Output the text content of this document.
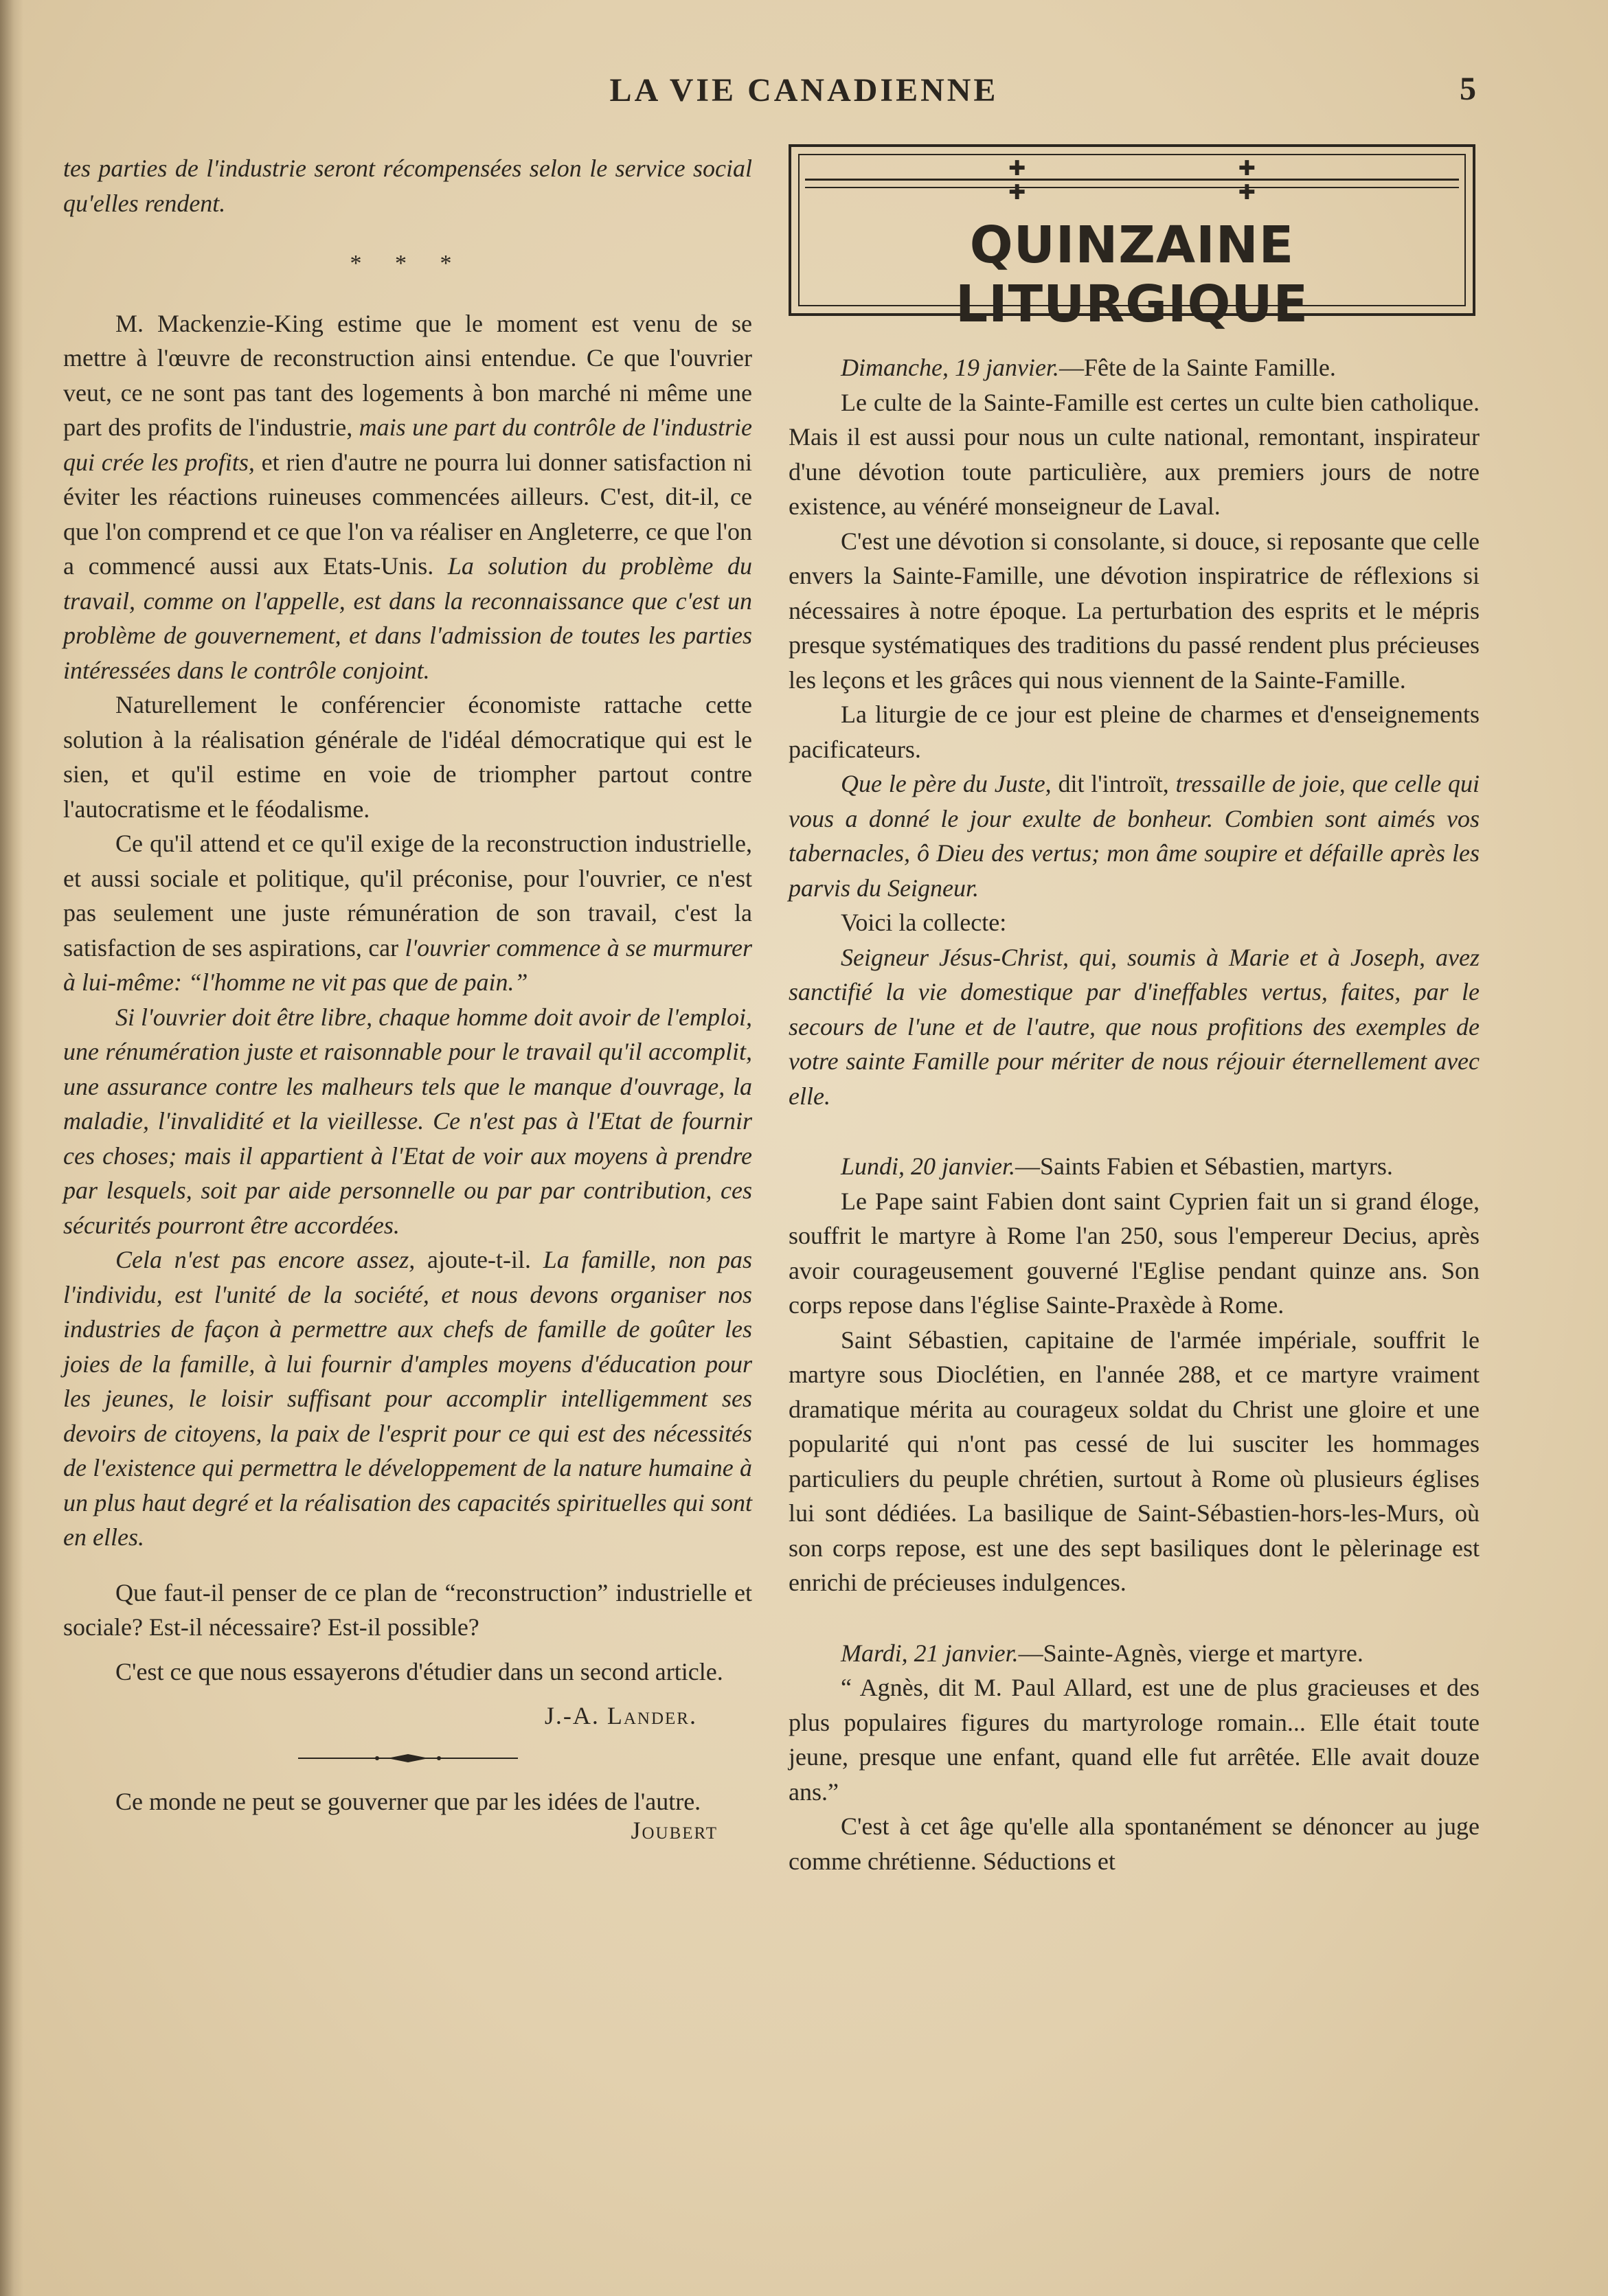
LA VIE CANADIENNE	5

tes parties de l'industrie seront récompensées selon le service social qu'elles rendent.

* * *

M. Mackenzie-King estime que le moment est venu de se mettre à l'œuvre de reconstruction ainsi entendue. Ce que l'ouvrier veut, ce ne sont pas tant des logements à bon marché ni même une part des profits de l'industrie, mais une part du contrôle de l'industrie qui crée les profits, et rien d'autre ne pourra lui donner satisfaction ni éviter les réactions ruineuses commencées ailleurs. C'est, dit-il, ce que l'on comprend et ce que l'on va réaliser en Angleterre, ce que l'on a commencé aussi aux Etats-Unis. La solution du problème du travail, comme on l'appelle, est dans la reconnaissance que c'est un problème de gouvernement, et dans l'admission de toutes les parties intéressées dans le contrôle conjoint.

Naturellement le conférencier économiste rattache cette solution à la réalisation générale de l'idéal démocratique qui est le sien, et qu'il estime en voie de triompher partout contre l'autocratisme et le féodalisme.

Ce qu'il attend et ce qu'il exige de la reconstruction industrielle, et aussi sociale et politique, qu'il préconise, pour l'ouvrier, ce n'est pas seulement une juste rémunération de son travail, c'est la satisfaction de ses aspirations, car l'ouvrier commence à se murmurer à lui-même: “l'homme ne vit pas que de pain.”

Si l'ouvrier doit être libre, chaque homme doit avoir de l'emploi, une rénumération juste et raisonnable pour le travail qu'il accomplit, une assurance contre les malheurs tels que le manque d'ouvrage, la maladie, l'invalidité et la vieillesse. Ce n'est pas à l'Etat de fournir ces choses; mais il appartient à l'Etat de voir aux moyens à prendre par lesquels, soit par aide personnelle ou par par contribution, ces sécurités pourront être accordées.

Cela n'est pas encore assez, ajoute-t-il. La famille, non pas l'individu, est l'unité de la société, et nous devons organiser nos industries de façon à permettre aux chefs de famille de goûter les joies de la famille, à lui fournir d'amples moyens d'éducation pour les jeunes, le loisir suffisant pour accomplir intelligemment ses devoirs de citoyens, la paix de l'esprit pour ce qui est des nécessités de l'existence qui permettra le développement de la nature humaine à un plus haut degré et la réalisation des capacités spirituelles qui sont en elles.

Que faut-il penser de ce plan de “reconstruction” industrielle et sociale? Est-il nécessaire? Est-il possible?

C'est ce que nous essayerons d'étudier dans un second article.

J.-A. Lander.

Ce monde ne peut se gouverner que par les idées de l'autre.

Joubert
✚ ✚ ✚ ✚
QUINZAINE LITURGIQUE

Dimanche, 19 janvier.—Fête de la Sainte Famille.

Le culte de la Sainte-Famille est certes un culte bien catholique. Mais il est aussi pour nous un culte national, remontant, inspirateur d'une dévotion toute particulière, aux premiers jours de notre existence, au vénéré monseigneur de Laval.

C'est une dévotion si consolante, si douce, si reposante que celle envers la Sainte-Famille, une dévotion inspiratrice de réflexions si nécessaires à notre époque. La perturbation des esprits et le mépris presque systématiques des traditions du passé rendent plus précieuses les leçons et les grâces qui nous viennent de la Sainte-Famille.

La liturgie de ce jour est pleine de charmes et d'enseignements pacificateurs.

Que le père du Juste, dit l'introït, tressaille de joie, que celle qui vous a donné le jour exulte de bonheur. Combien sont aimés vos tabernacles, ô Dieu des vertus; mon âme soupire et défaille après les parvis du Seigneur.

Voici la collecte:

Seigneur Jésus-Christ, qui, soumis à Marie et à Joseph, avez sanctifié la vie domestique par d'ineffables vertus, faites, par le secours de l'une et de l'autre, que nous profitions des exemples de votre sainte Famille pour mériter de nous réjouir éternellement avec elle.

Lundi, 20 janvier.—Saints Fabien et Sébastien, martyrs.

Le Pape saint Fabien dont saint Cyprien fait un si grand éloge, souffrit le martyre à Rome l'an 250, sous l'empereur Decius, après avoir courageusement gouverné l'Eglise pendant quinze ans. Son corps repose dans l'église Sainte-Praxède à Rome.

Saint Sébastien, capitaine de l'armée impériale, souffrit le martyre sous Dioclétien, en l'année 288, et ce martyre vraiment dramatique mérita au courageux soldat du Christ une gloire et une popularité qui n'ont pas cessé de lui susciter les hommages particuliers du peuple chrétien, surtout à Rome où plusieurs églises lui sont dédiées. La basilique de Saint-Sébastien-hors-les-Murs, où son corps repose, est une des sept basiliques dont le pèlerinage est enrichi de précieuses indulgences.

Mardi, 21 janvier.—Sainte-Agnès, vierge et martyre.

“ Agnès, dit M. Paul Allard, est une de plus gracieuses et des plus populaires figures du martyrologe romain... Elle était toute jeune, presque une enfant, quand elle fut arrêtée. Elle avait douze ans.”

C'est à cet âge qu'elle alla spontanément se dénoncer au juge comme chrétienne. Séductions et
